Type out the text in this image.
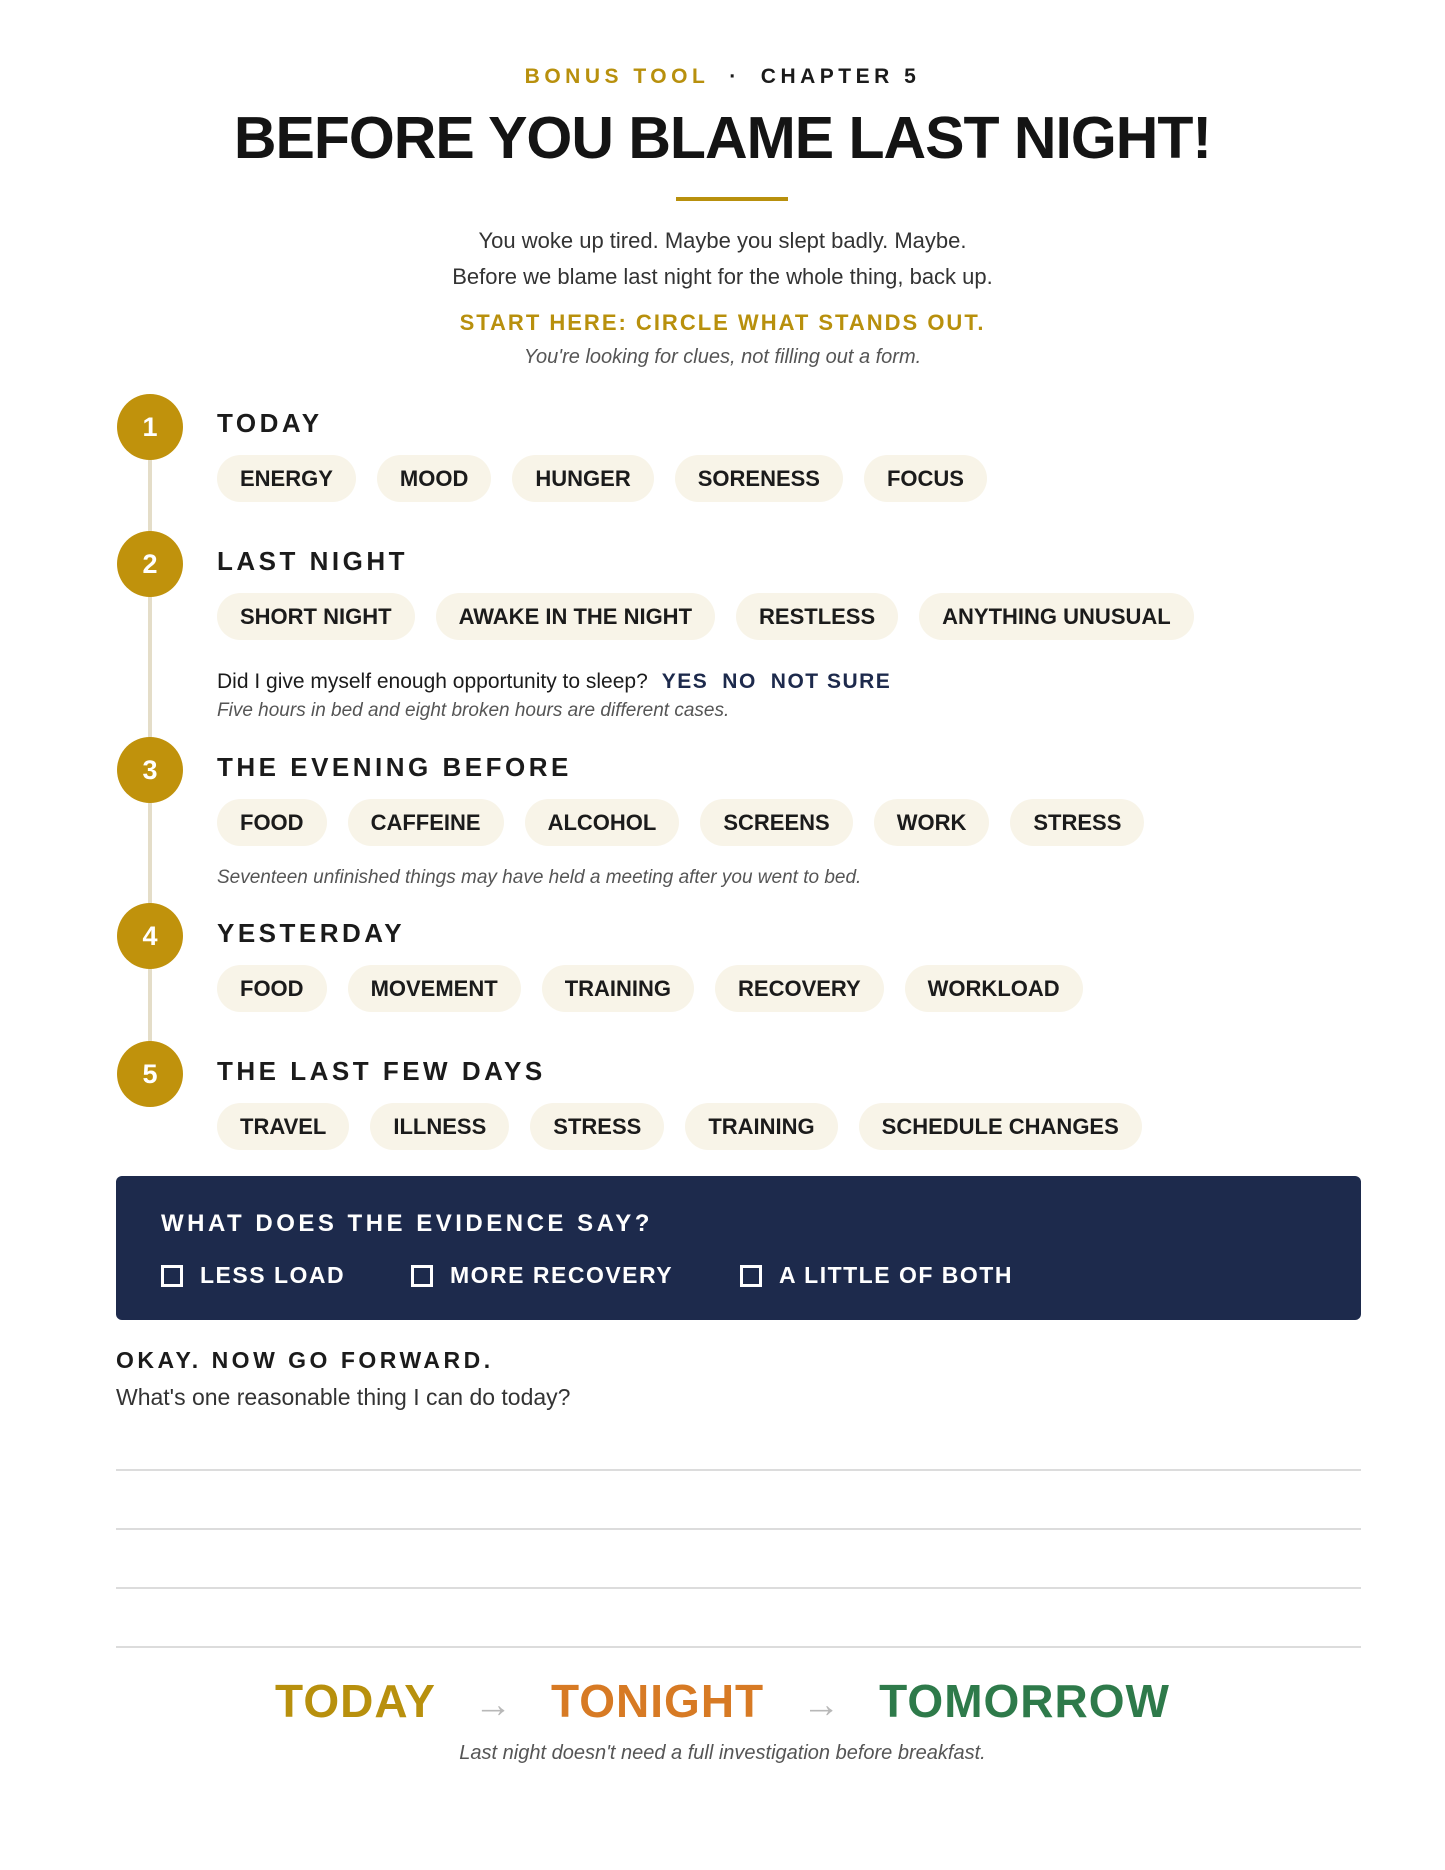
BONUS TOOL · CHAPTER 5
BEFORE YOU BLAME LAST NIGHT!
You woke up tired. Maybe you slept badly. Maybe.
Before we blame last night for the whole thing, back up.
START HERE: CIRCLE WHAT STANDS OUT.
You're looking for clues, not filling out a form.
1	TODAY
ENERGY	MOOD	HUNGER	SORENESS	FOCUS
2	LAST NIGHT
SHORT NIGHT	AWAKE IN THE NIGHT	RESTLESS	ANYTHING UNUSUAL
Did I give myself enough opportunity to sleep? YES NO NOT SURE
Five hours in bed and eight broken hours are different cases.
3	THE EVENING BEFORE
FOOD	CAFFEINE	ALCOHOL	SCREENS	WORK	STRESS
Seventeen unfinished things may have held a meeting after you went to bed.
4	YESTERDAY
FOOD	MOVEMENT	TRAINING	RECOVERY	WORKLOAD
5	THE LAST FEW DAYS
TRAVEL	ILLNESS	STRESS	TRAINING	SCHEDULE CHANGES
WHAT DOES THE EVIDENCE SAY?
LESS LOAD	MORE RECOVERY	A LITTLE OF BOTH
OKAY. NOW GO FORWARD.
What's one reasonable thing I can do today?
TODAY → TONIGHT → TOMORROW
Last night doesn't need a full investigation before breakfast.
